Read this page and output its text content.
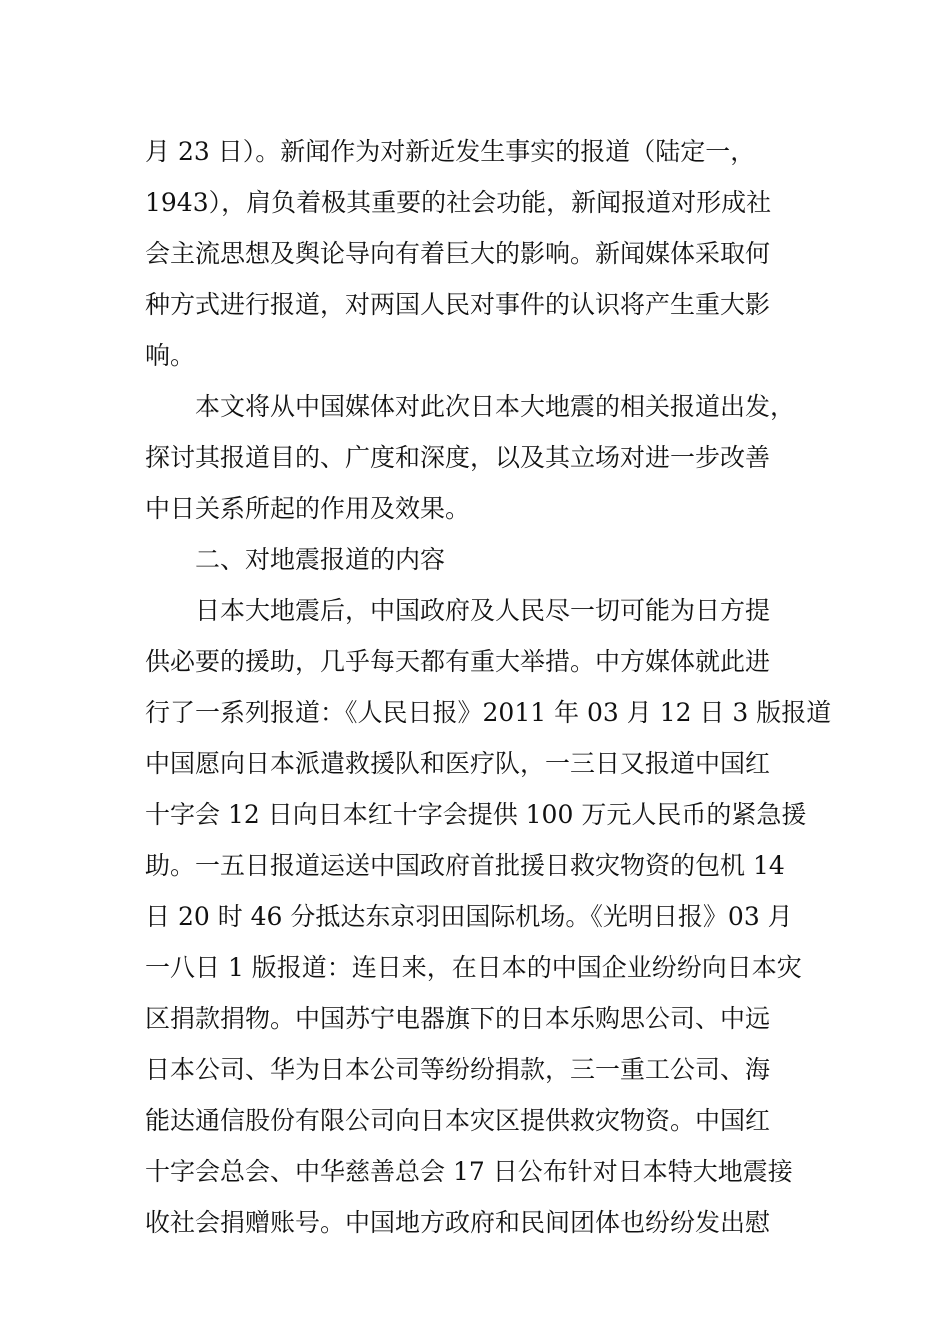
月 23 日）。新闻作为对新近发生事实的报道（陆定一，
1943），肩负着极其重要的社会功能，新闻报道对形成社
会主流思想及舆论导向有着巨大的影响。新闻媒体采取何
种方式进行报道，对两国人民对事件的认识将产生重大影
响。
本文将从中国媒体对此次日本大地震的相关报道出发，
探讨其报道目的、广度和深度，以及其立场对进一步改善
中日关系所起的作用及效果。
二、对地震报道的内容
日本大地震后，中国政府及人民尽一切可能为日方提
供必要的援助，几乎每天都有重大举措。中方媒体就此进
行了一系列报道：《人民日报》2011 年 03 月 12 日 3 版报道
中国愿向日本派遣救援队和医疗队，一三日又报道中国红
十字会 12 日向日本红十字会提供 100 万元人民币的紧急援
助。一五日报道运送中国政府首批援日救灾物资的包机 14
日 20 时 46 分抵达东京羽田国际机场。《光明日报》03 月
一八日 1 版报道：连日来，在日本的中国企业纷纷向日本灾
区捐款捐物。中国苏宁电器旗下的日本乐购思公司、中远
日本公司、华为日本公司等纷纷捐款，三一重工公司、海
能达通信股份有限公司向日本灾区提供救灾物资。中国红
十字会总会、中华慈善总会 17 日公布针对日本特大地震接
收社会捐赠账号。中国地方政府和民间团体也纷纷发出慰
